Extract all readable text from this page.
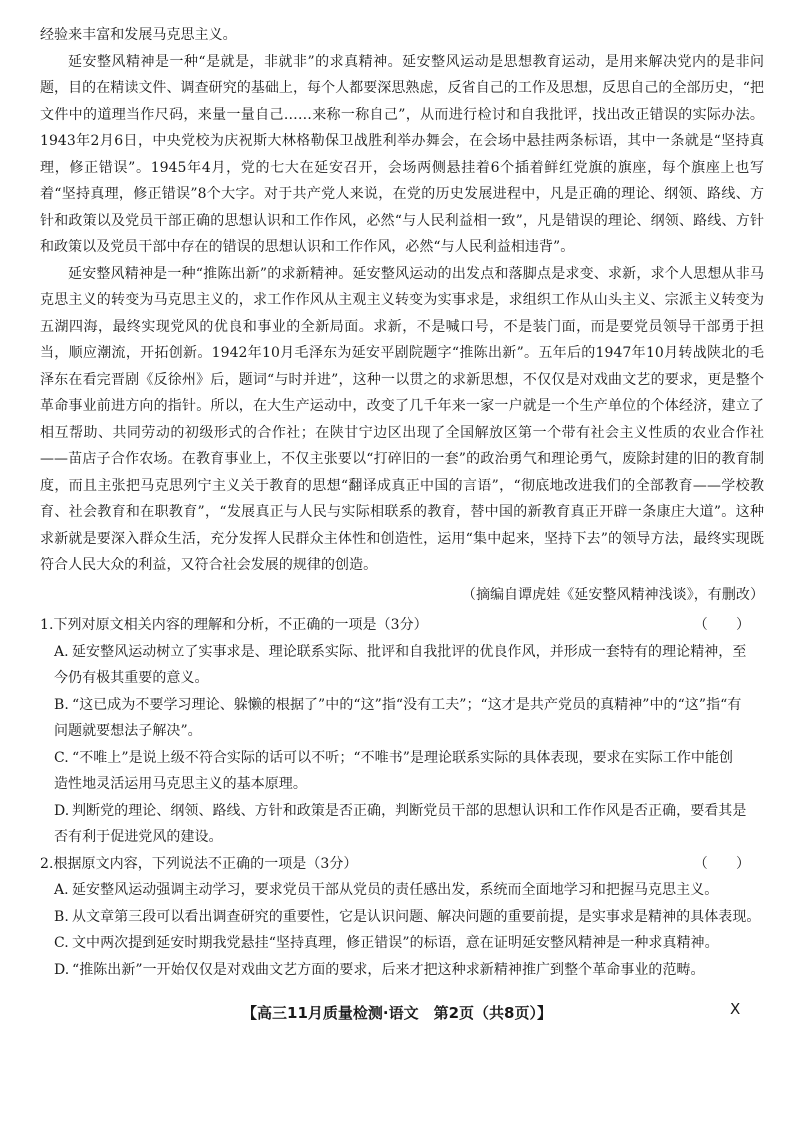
经验来丰富和发展马克思主义。

延安整风精神是一种“是就是，非就非”的求真精神。延安整风运动是思想教育运动，是用来解决党内的是非问题，目的在精读文件、调查研究的基础上，每个人都要深思熟虑，反省自己的工作及思想，反思自己的全部历史，“把文件中的道理当作尺码，来量一量自己……来称一称自己”，从而进行检讨和自我批评，找出改正错误的实际办法。1943年2月6日，中央党校为庆祝斯大林格勒保卫战胜利举办舞会，在会场中悬挂两条标语，其中一条就是“坚持真理，修正错误”。1945年4月，党的七大在延安召开，会场两侧悬挂着6个插着鲜红党旗的旗座，每个旗座上也写着“坚持真理，修正错误”8个大字。对于共产党人来说，在党的历史发展进程中，凡是正确的理论、纲领、路线、方针和政策以及党员干部正确的思想认识和工作作风，必然“与人民利益相一致”，凡是错误的理论、纲领、路线、方针和政策以及党员干部中存在的错误的思想认识和工作作风，必然“与人民利益相违背”。

延安整风精神是一种“推陈出新”的求新精神。延安整风运动的出发点和落脚点是求变、求新，求个人思想从非马克思主义的转变为马克思主义的，求工作作风从主观主义转变为实事求是，求组织工作从山头主义、宗派主义转变为五湖四海，最终实现党风的优良和事业的全新局面。求新，不是喊口号，不是装门面，而是要党员领导干部勇于担当，顺应潮流，开拓创新。1942年10月毛泽东为延安平剧院题字“推陈出新”。五年后的1947年10月转战陕北的毛泽东在看完晋剧《反徐州》后，题词“与时并进”，这种一以贯之的求新思想，不仅仅是对戏曲文艺的要求，更是整个革命事业前进方向的指针。所以，在大生产运动中，改变了几千年来一家一户就是一个生产单位的个体经济，建立了相互帮助、共同劳动的初级形式的合作社；在陕甘宁边区出现了全国解放区第一个带有社会主义性质的农业合作社——苗店子合作农场。在教育事业上，不仅主张要以“打碎旧的一套”的政治勇气和理论勇气，废除封建的旧的教育制度，而且主张把马克思列宁主义关于教育的思想“翻译成真正中国的言语”，“彻底地改进我们的全部教育——学校教育、社会教育和在职教育”，“发展真正与人民与实际相联系的教育，替中国的新教育真正开辟一条康庄大道”。这种求新就是要深入群众生活，充分发挥人民群众主体性和创造性，运用“集中起来，坚持下去”的领导方法，最终实现既符合人民大众的利益，又符合社会发展的规律的创造。

（摘编自谭虎娃《延安整风精神浅谈》，有删改）

1.下列对原文相关内容的理解和分析，不正确的一项是（3分）	（　　）
A. 延安整风运动树立了实事求是、理论联系实际、批评和自我批评的优良作风，并形成一套特有的理论精神，至
今仍有极其重要的意义。
B. “这已成为不要学习理论、躲懒的根据了”中的“这”指“没有工夫”；“这才是共产党员的真精神”中的“这”指“有
问题就要想法子解决”。
C. “不唯上”是说上级不符合实际的话可以不听；“不唯书”是理论联系实际的具体表现，要求在实际工作中能创
造性地灵活运用马克思主义的基本原理。
D. 判断党的理论、纲领、路线、方针和政策是否正确，判断党员干部的思想认识和工作作风是否正确，要看其是
否有利于促进党风的建设。
2.根据原文内容，下列说法不正确的一项是（3分）	（　　）
A. 延安整风运动强调主动学习，要求党员干部从党员的责任感出发，系统而全面地学习和把握马克思主义。
B. 从文章第三段可以看出调查研究的重要性，它是认识问题、解决问题的重要前提，是实事求是精神的具体表现。
C. 文中两次提到延安时期我党悬挂“坚持真理，修正错误”的标语，意在证明延安整风精神是一种求真精神。
D. “推陈出新”一开始仅仅是对戏曲文艺方面的要求，后来才把这种求新精神推广到整个革命事业的范畴。
【高三11月质量检测·语文　第2页（共8页）】	X
